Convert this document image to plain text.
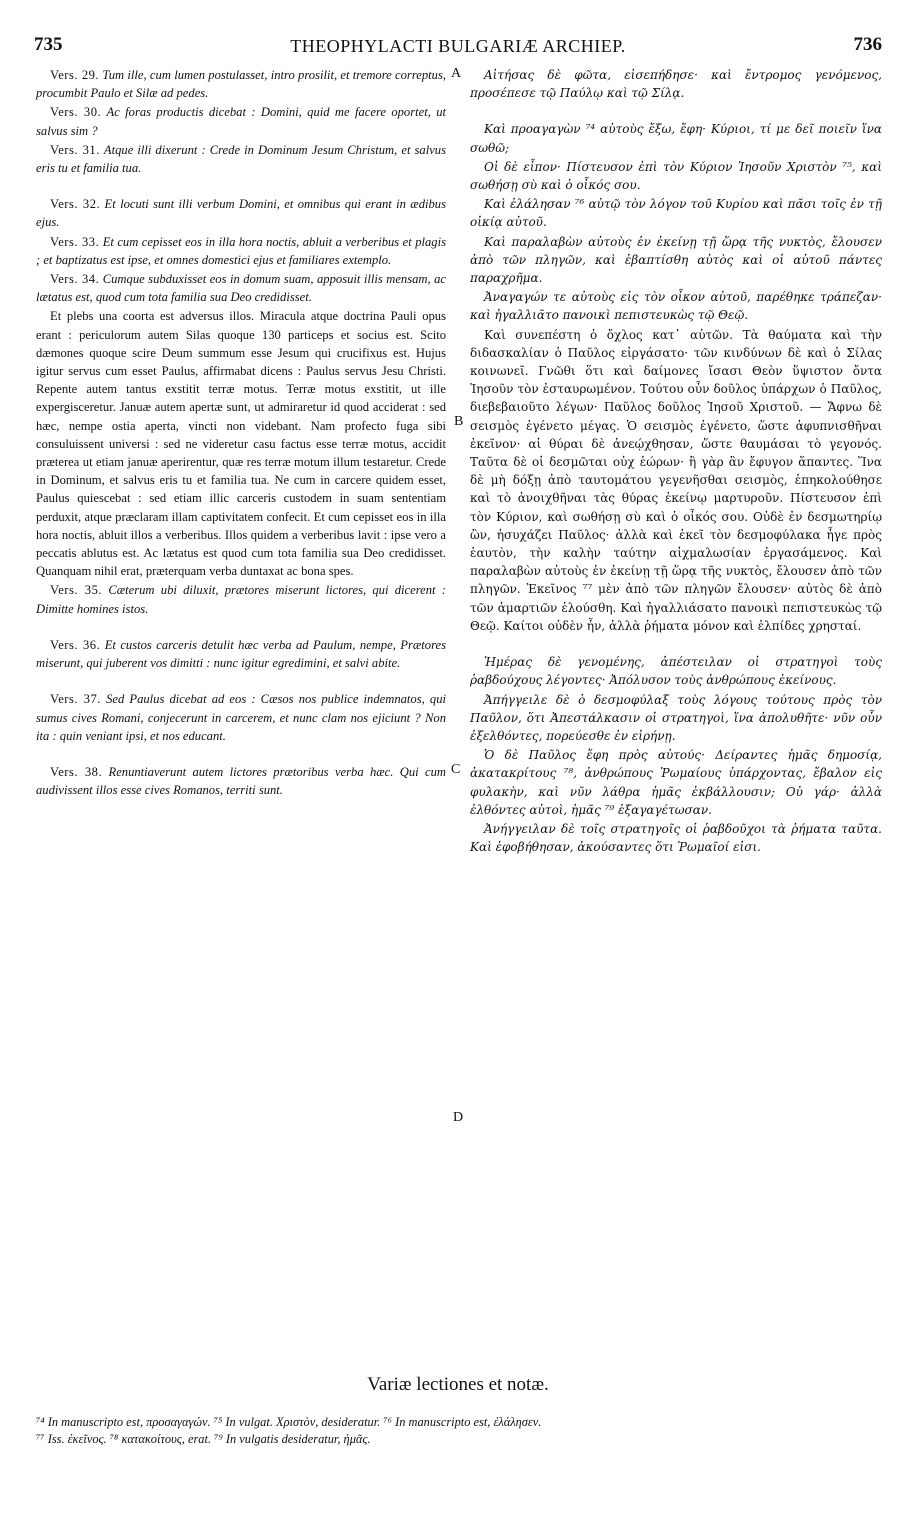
735	THEOPHYLACTI BULGARIÆ ARCHIEP.	736

Vers. 29. Tum ille, cum lumen postulasset, intro prosilit, et tremore correptus, procumbit Paulo et Silæ ad pedes.

Vers. 30. Ac foras productis dicebat : Domini, quid me facere oportet, ut salvus sim ?

Vers. 31. Atque illi dixerunt : Crede in Dominum Jesum Christum, et salvus eris tu et familia tua.

Vers. 32. Et locuti sunt illi verbum Domini, et omnibus qui erant in ædibus ejus.

Vers. 33. Et cum cepisset eos in illa hora noctis, abluit a verberibus et plagis ; et baptizatus est ipse, et omnes domestici ejus et familiares extemplo.

Vers. 34. Cumque subduxisset eos in domum suam, apposuit illis mensam, ac lætatus est, quod cum tota familia sua Deo credidisset.

Et plebs una coorta est adversus illos. Miracula atque doctrina Pauli opus erant : periculorum autem Silas quoque 130 particeps et socius est. Scito dæmones quoque scire Deum summum esse Jesum qui crucifixus est. Hujus igitur servus cum esset Paulus, affirmabat dicens : Paulus servus Jesu Christi. Repente autem tantus exstitit terræ motus. Terræ motus exstitit, ut ille expergisceretur. Januæ autem apertæ sunt, ut admiraretur id quod acciderat : sed hæc, nempe ostia aperta, vincti non videbant. Nam profecto fuga sibi consuluissent universi : sed ne videretur casu factus esse terræ motus, accidit præterea ut etiam januæ aperirentur, quæ res terræ motum illum testaretur. Crede in Dominum, et salvus eris tu et familia tua. Ne cum in carcere quidem esset, Paulus quiescebat : sed etiam illic carceris custodem in suam sententiam perduxit, atque præclaram illam captivitatem confecit. Et cum cepisset eos in illa hora noctis, abluit illos a verberibus. Illos quidem a verberibus lavit : ipse vero a peccatis ablutus est. Ac lætatus est quod cum tota familia sua Deo credidisset. Quanquam nihil erat, præterquam verba duntaxat ac bona spes.

Vers. 35. Cæterum ubi diluxit, prætores miserunt lictores, qui dicerent : Dimitte homines istos.

Vers. 36. Et custos carceris detulit hæc verba ad Paulum, nempe, Prætores miserunt, qui juberent vos dimitti : nunc igitur egredimini, et salvi abite.

Vers. 37. Sed Paulus dicebat ad eos : Cæsos nos publice indemnatos, qui sumus cives Romani, conjecerunt in carcerem, et nunc clam nos ejiciunt ? Non ita : quin veniant ipsi, et nos educant.

Vers. 38. Renuntiaverunt autem lictores prætoribus verba hæc. Qui cum audivissent illos esse cives Romanos, territi sunt.

A
B
C
D

Αἰτήσας δὲ φῶτα, εἰσεπήδησε· καὶ ἔντρομος γενόμενος, προσέπεσε τῷ Παύλῳ καὶ τῷ Σίλᾳ.

Καὶ προαγαγὼν ⁷⁴ αὐτοὺς ἔξω, ἔφη· Κύριοι, τί με δεῖ ποιεῖν ἵνα σωθῶ;

Οἱ δὲ εἶπον· Πίστευσον ἐπὶ τὸν Κύριον Ἰησοῦν Χριστὸν ⁷⁵, καὶ σωθήσῃ σὺ καὶ ὁ οἶκός σου.

Καὶ ἐλάλησαν ⁷⁶ αὐτῷ τὸν λόγον τοῦ Κυρίου καὶ πᾶσι τοῖς ἐν τῇ οἰκίᾳ αὐτοῦ.

Καὶ παραλαβὼν αὐτοὺς ἐν ἐκείνῃ τῇ ὥρᾳ τῆς νυκτὸς, ἔλουσεν ἀπὸ τῶν πληγῶν, καὶ ἐβαπτίσθη αὐτὸς καὶ οἱ αὐτοῦ πάντες παραχρῆμα.

Ἀναγαγών τε αὐτοὺς εἰς τὸν οἶκον αὐτοῦ, παρέθηκε τράπεζαν· καὶ ἠγαλλιᾶτο πανοικὶ πεπιστευκὼς τῷ Θεῷ.

Καὶ συνεπέστη ὁ ὄχλος κατ᾽ αὐτῶν. Τὰ θαύματα καὶ τὴν διδασκαλίαν ὁ Παῦλος εἰργάσατο· τῶν κινδύνων δὲ καὶ ὁ Σίλας κοινωνεῖ. Γνῶθι ὅτι καὶ δαίμονες ἴσασι Θεὸν ὕψιστον ὄντα Ἰησοῦν τὸν ἐσταυρωμένον. Τούτου οὖν δοῦλος ὑπάρχων ὁ Παῦλος, διεβεβαιοῦτο λέγων· Παῦλος δοῦλος Ἰησοῦ Χριστοῦ. — Ἄφνω δὲ σεισμὸς ἐγένετο μέγας. Ὁ σεισμὸς ἐγένετο, ὥστε ἀφυπνισθῆναι ἐκεῖνον· αἱ θύραι δὲ ἀνεῴχθησαν, ὥστε θαυμάσαι τὸ γεγονός. Ταῦτα δὲ οἱ δεσμῶται οὐχ ἑώρων· ἢ γὰρ ἂν ἔφυγον ἅπαντες. Ἵνα δὲ μὴ δόξῃ ἀπὸ ταυτομάτου γεγενῆσθαι σεισμὸς, ἐπηκολούθησε καὶ τὸ ἀνοιχθῆναι τὰς θύρας ἐκείνῳ μαρτυροῦν. Πίστευσον ἐπὶ τὸν Κύριον, καὶ σωθήσῃ σὺ καὶ ὁ οἶκός σου. Οὐδὲ ἐν δεσμωτηρίῳ ὢν, ἡσυχάζει Παῦλος· ἀλλὰ καὶ ἐκεῖ τὸν δεσμοφύλακα ἦγε πρὸς ἑαυτὸν, τὴν καλὴν ταύτην αἰχμαλωσίαν ἐργασάμενος. Καὶ παραλαβὼν αὐτοὺς ἐν ἐκείνῃ τῇ ὥρᾳ τῆς νυκτὸς, ἔλουσεν ἀπὸ τῶν πληγῶν. Ἐκεῖνος ⁷⁷ μὲν ἀπὸ τῶν πληγῶν ἔλουσεν· αὐτὸς δὲ ἀπὸ τῶν ἁμαρτιῶν ἐλούσθη. Καὶ ἠγαλλιάσατο πανοικὶ πεπιστευκὼς τῷ Θεῷ. Καίτοι οὐδὲν ἦν, ἀλλὰ ῥήματα μόνον καὶ ἐλπίδες χρησταί.

Ἡμέρας δὲ γενομένης, ἀπέστειλαν οἱ στρατηγοὶ τοὺς ῥαβδούχους λέγοντες· Ἀπόλυσον τοὺς ἀνθρώπους ἐκείνους.

Ἀπήγγειλε δὲ ὁ δεσμοφύλαξ τοὺς λόγους τούτους πρὸς τὸν Παῦλον, ὅτι Ἀπεστάλκασιν οἱ στρατηγοὶ, ἵνα ἀπολυθῆτε· νῦν οὖν ἐξελθόντες, πορεύεσθε ἐν εἰρήνῃ.

Ὁ δὲ Παῦλος ἔφη πρὸς αὐτούς· Δείραντες ἡμᾶς δημοσίᾳ, ἀκατακρίτους ⁷⁸, ἀνθρώπους Ῥωμαίους ὑπάρχοντας, ἔβαλον εἰς φυλακὴν, καὶ νῦν λάθρα ἡμᾶς ἐκβάλλουσιν; Οὐ γάρ· ἀλλὰ ἐλθόντες αὐτοὶ, ἡμᾶς ⁷⁹ ἐξαγαγέτωσαν.

Ἀνήγγειλαν δὲ τοῖς στρατηγοῖς οἱ ῥαβδοῦχοι τὰ ῥήματα ταῦτα. Καὶ ἐφοβήθησαν, ἀκούσαντες ὅτι Ῥωμαῖοί εἰσι.

Variæ lectiones et notæ.

⁷⁴ In manuscripto est, προσαγαγών. ⁷⁵ In vulgat. Χριστὸν, desideratur. ⁷⁶ In manuscripto est, ἐλάλησεν.

⁷⁷ Iss. ἐκεῖνος. ⁷⁸ κατακοίτους, erat. ⁷⁹ In vulgatis desideratur, ἡμᾶς.
